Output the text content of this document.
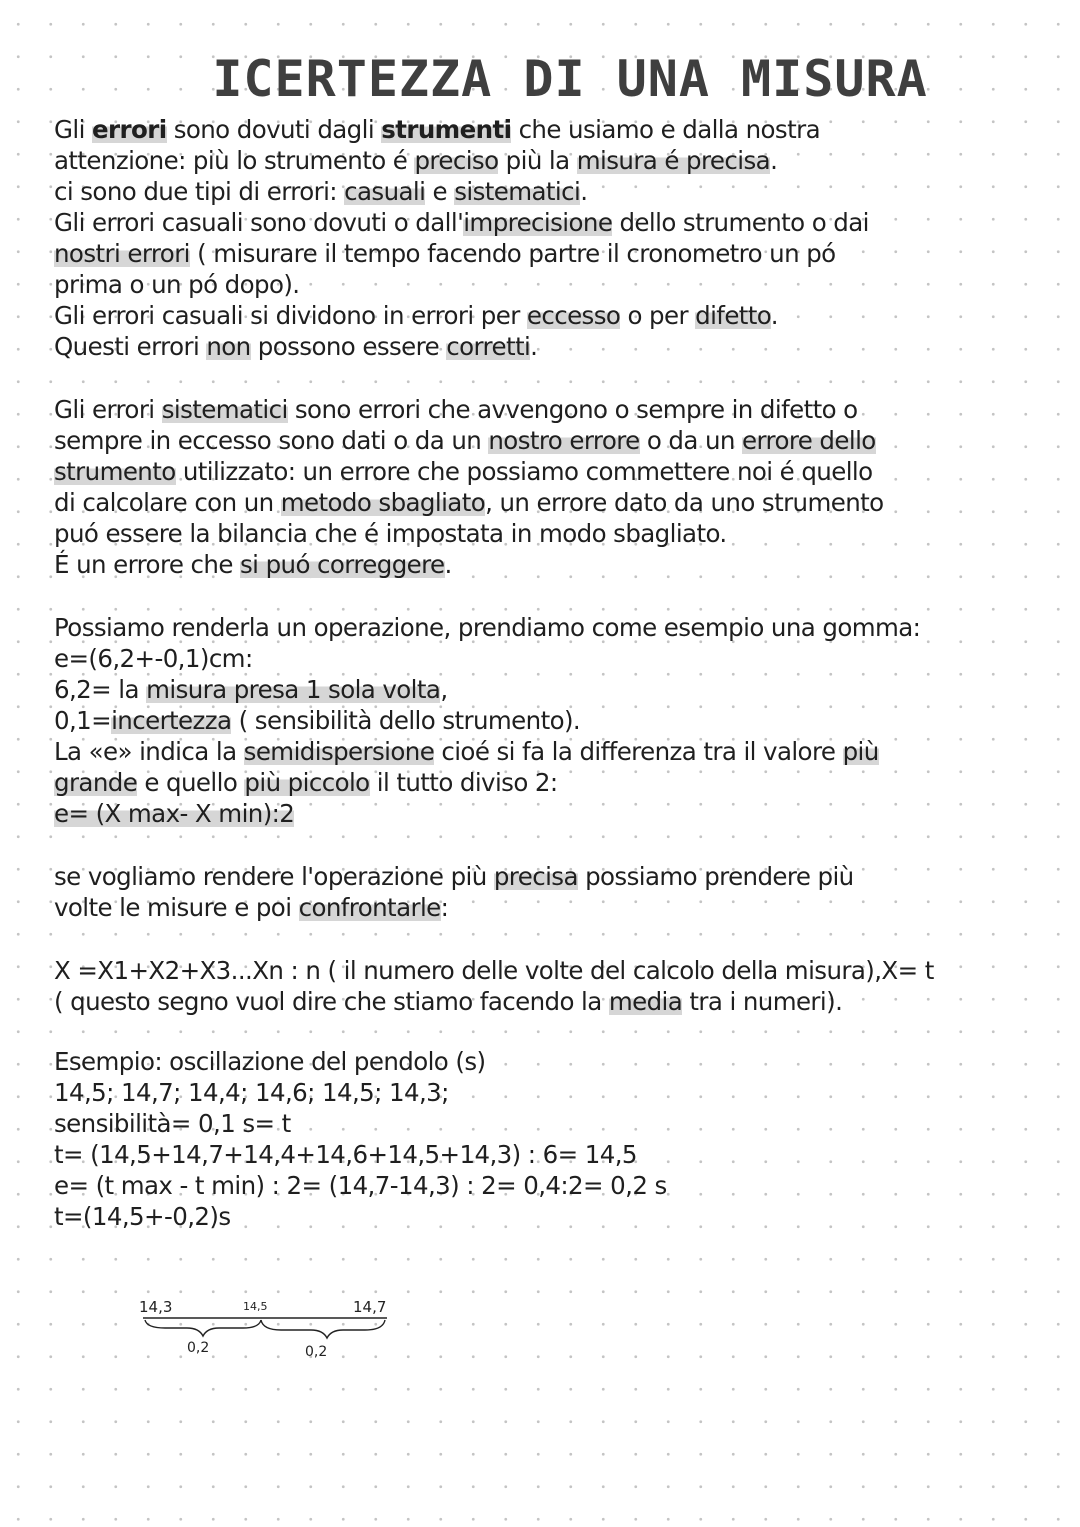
ICERTEZZA DI UNA MISURA
Gli errori sono dovuti dagli strumenti che usiamo e dalla nostra
attenzione: più lo strumento é preciso più la misura é precisa.
ci sono due tipi di errori: casuali e sistematici.
Gli errori casuali sono dovuti o dall'imprecisione dello strumento o dai
nostri errori ( misurare il tempo facendo partre il cronometro un pó
prima o un pó dopo).
Gli errori casuali si dividono in errori per eccesso o per difetto.
Questi errori non possono essere corretti.
Gli errori sistematici sono errori che avvengono o sempre in difetto o
sempre in eccesso sono dati o da un nostro errore o da un errore dello
strumento utilizzato: un errore che possiamo commettere noi é quello
di calcolare con un metodo sbagliato, un errore dato da uno strumento
puó essere la bilancia che é impostata in modo sbagliato.
É un errore che si puó correggere.
Possiamo renderla un operazione, prendiamo come esempio una gomma:
e=(6,2+-0,1)cm:
6,2= la misura presa 1 sola volta,
0,1=incertezza ( sensibilità dello strumento).
La «e» indica la semidispersione cioé si fa la differenza tra il valore più
grande e quello più piccolo il tutto diviso 2:
e= (X max- X min):2
se vogliamo rendere l'operazione più precisa possiamo prendere più
volte le misure e poi confrontarle:
X =X1+X2+X3...Xn : n ( il numero delle volte del calcolo della misura),X= t
( questo segno vuol dire che stiamo facendo la media tra i numeri).
Esempio: oscillazione del pendolo (s)
14,5; 14,7; 14,4; 14,6; 14,5; 14,3;
sensibilità= 0,1 s= t
t= (14,5+14,7+14,4+14,6+14,5+14,3) : 6= 14,5
e= (t max - t min) : 2= (14,7-14,3) : 2= 0,4:2= 0,2 s
t=(14,5+-0,2)s
14,3	14,5	14,7
0,2	0,2
